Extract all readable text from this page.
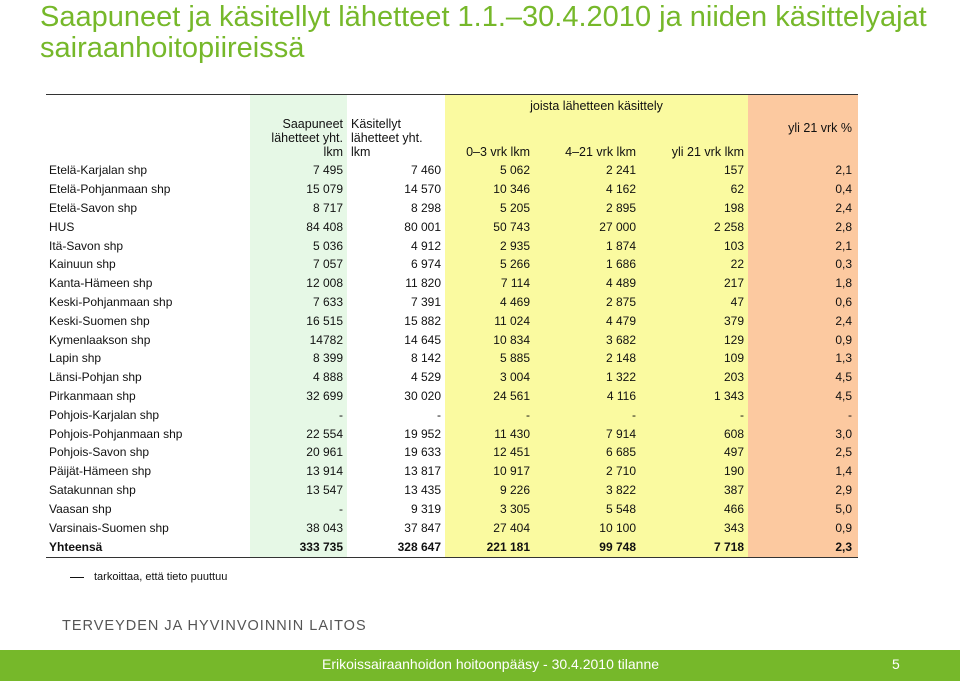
Saapuneet ja käsitellyt lähetteet 1.1.–30.4.2010 ja niiden käsittelyajat sairaanhoitopiireissä
	Saapuneet lähetteet yht. lkm	Käsitellyt lähetteet yht. lkm	joista lähetteen käsittely			yli 21 vrk %
			0–3 vrk lkm	4–21 vrk lkm	yli 21 vrk lkm	
Etelä-Karjalan shp	7 495	7 460	5 062	2 241	157	2,1
Etelä-Pohjanmaan shp	15 079	14 570	10 346	4 162	62	0,4
Etelä-Savon shp	8 717	8 298	5 205	2 895	198	2,4
HUS	84 408	80 001	50 743	27 000	2 258	2,8
Itä-Savon shp	5 036	4 912	2 935	1 874	103	2,1
Kainuun shp	7 057	6 974	5 266	1 686	22	0,3
Kanta-Hämeen shp	12 008	11 820	7 114	4 489	217	1,8
Keski-Pohjanmaan shp	7 633	7 391	4 469	2 875	47	0,6
Keski-Suomen shp	16 515	15 882	11 024	4 479	379	2,4
Kymenlaakson shp	14782	14 645	10 834	3 682	129	0,9
Lapin shp	8 399	8 142	5 885	2 148	109	1,3
Länsi-Pohjan shp	4 888	4 529	3 004	1 322	203	4,5
Pirkanmaan shp	32 699	30 020	24 561	4 116	1 343	4,5
Pohjois-Karjalan shp	-	-	-	-	-	-
Pohjois-Pohjanmaan shp	22 554	19 952	11 430	7 914	608	3,0
Pohjois-Savon shp	20 961	19 633	12 451	6 685	497	2,5
Päijät-Hämeen shp	13 914	13 817	10 917	2 710	190	1,4
Satakunnan shp	13 547	13 435	9 226	3 822	387	2,9
Vaasan shp	-	9 319	3 305	5 548	466	5,0
Varsinais-Suomen shp	38 043	37 847	27 404	10 100	343	0,9
Yhteensä	333 735	328 647	221 181	99 748	7 718	2,3
tarkoittaa, että tieto puuttuu
TERVEYDEN JA HYVINVOINNIN LAITOS
Erikoissairaanhoidon hoitoonpääsy - 30.4.2010 tilanne	5
